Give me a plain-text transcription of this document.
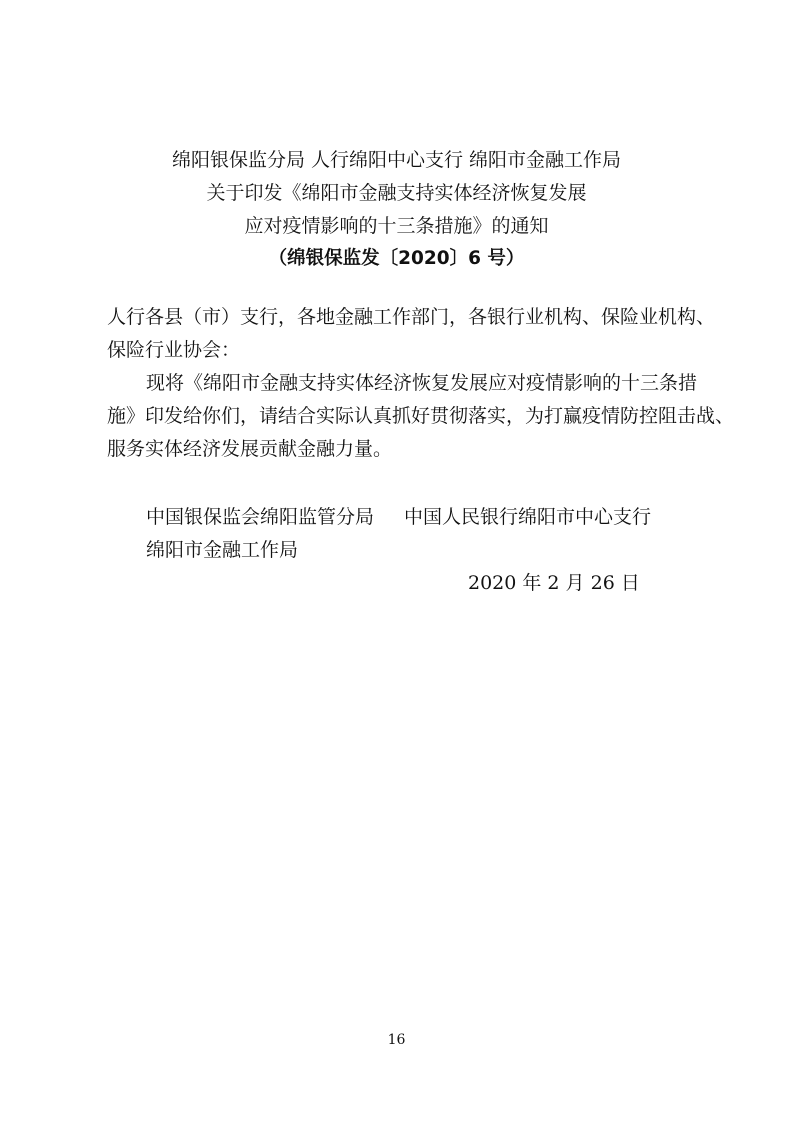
绵阳银保监分局 人行绵阳中心支行 绵阳市金融工作局
关于印发《绵阳市金融支持实体经济恢复发展
应对疫情影响的十三条措施》的通知
（绵银保监发〔2020〕6 号）
人行各县（市）支行，各地金融工作部门，各银行业机构、保险业机构、
保险行业协会：
现将《绵阳市金融支持实体经济恢复发展应对疫情影响的十三条措
施》印发给你们，请结合实际认真抓好贯彻落实，为打赢疫情防控阻击战、
服务实体经济发展贡献金融力量。
中国银保监会绵阳监管分局 中国人民银行绵阳市中心支行
绵阳市金融工作局
2020 年 2 月 26 日
16
